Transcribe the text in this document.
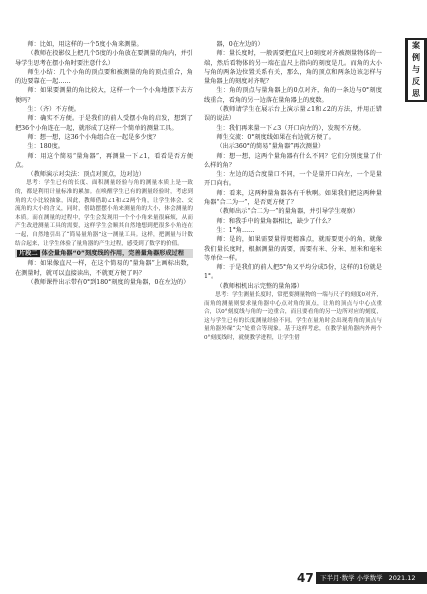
师：比如，用这样的一个5度小角来测量。

（教师在投影仪上把几个5度的小角放在要测量的角内，并引导学生思考在摆小角时要注意什么）

师生小结：几个小角的顶点要和被测量的角的顶点重合，角的边要靠在一起……

师：如果要测量的角比较大，这样一个一个小角地摆下去方便吗？

生：（齐）不方便。

师：确实不方便。于是我们的前人受摆小角的启发，想到了把36个小角连在一起，就形成了这样一个简单的测量工具。

师：想一想，这36个小角组合在一起是多少度？

生：180度。

师：用这个简易“量角器”，再测量一下∠1，看看是否方便点。

（教师演示对尖法：顶点对顶点，边对边）

思考：学生已有的长度、面积测量经验与角的测量本质上是一致的，都是利用计量标准的累加。在唤醒学生已有的测量经验时，考虑到角的大小比较抽象，因此，教师借助∠1和∠2两个角，让学生体会、交流角的大小的含义，同时，借助摆摆小角来测量角的大小，体会测量的本质。而在测量的过程中，学生会发现用一个个小角来量很麻烦，从而产生改进测量工具的需要，这样学生会顺其自然地想到把很多小角连在一起，自然地引出了“简易量角器”这一测量工具。这样，把测量与计数结合起来，让学生体验了量角器的产生过程，感受到了数学的价值。

片段二 体会量角器“0”刻度线的作用，完善量角器形成过程

师：如果像直尺一样，在这个简易的“量角器”上画标出数，在测量时，就可以直接读出，不就更方便了吗？

（教师课件出示带有0°到180°刻度的量角器，0在左边的）

器，0在左边的）

师：量长度时，一般需要把直尺上0刻度对齐被测量物体的一端，然后看物体的另一端在直尺上指向的刻度是几。而角的大小与角的两条边位置关系有关，那么，角的顶点和两条边该怎样与量角器上的刻度对齐呢？

生：角的顶点与量角器上的0点对齐，角的一条边与0°刻度线重合，看角的另一边落在量角器上的度数。

（教师请学生在展示台上演示量∠1和∠2的方法，并用正错误的说法）

生：我们再来量一下∠3（开口向左的），发现不方便。

师生交流：0°刻度线如果在右边就方便了。

（出示360°的简易“量角器”再次测量）

师：想一想，这两个量角器有什么不同？它们分别度量了什么样的角？

生：左边的适合度量口不同，一个是量开口向左，一个是量开口向右。

师：看来，这两种量角器各有千秋啊。如果我们把这两种量角器“合二为一”，是否更方便了？

（教师出示“合二为一”的量角器，并引导学生观察）

师：和我手中的量角器相比，缺少了什么？

生：1°角……

师：是的，如果需要量得更精准点，就需要更小的角，就像我们量长度时，根据测量的需要，需要有米、分米、厘米和毫米等单位一样。

师：于是我们的前人把5°角又平均分成5份，这样的1份就是1°。

（教师相机出示完整的量角器）

思考：学生测量长度时，常把要测量物的一端与尺子的刻度0对齐，而角的测量则要求量角器中心点对角的顶点，让角的顶点与中心点重合，以0°刻度线与角的一边重合，而且要看角的另一边所对应的刻度，这与学生已有的长度测量经验不同。学生在量角时会出现将角的顶点与量角器外缘“尖”处重合等现象。基于这样考虑，在教学量角器内外两个0°刻度线时，就便教学进程，让学生借

案
例
与
反
思
47 下半月·数学 小学数学 2021.12
